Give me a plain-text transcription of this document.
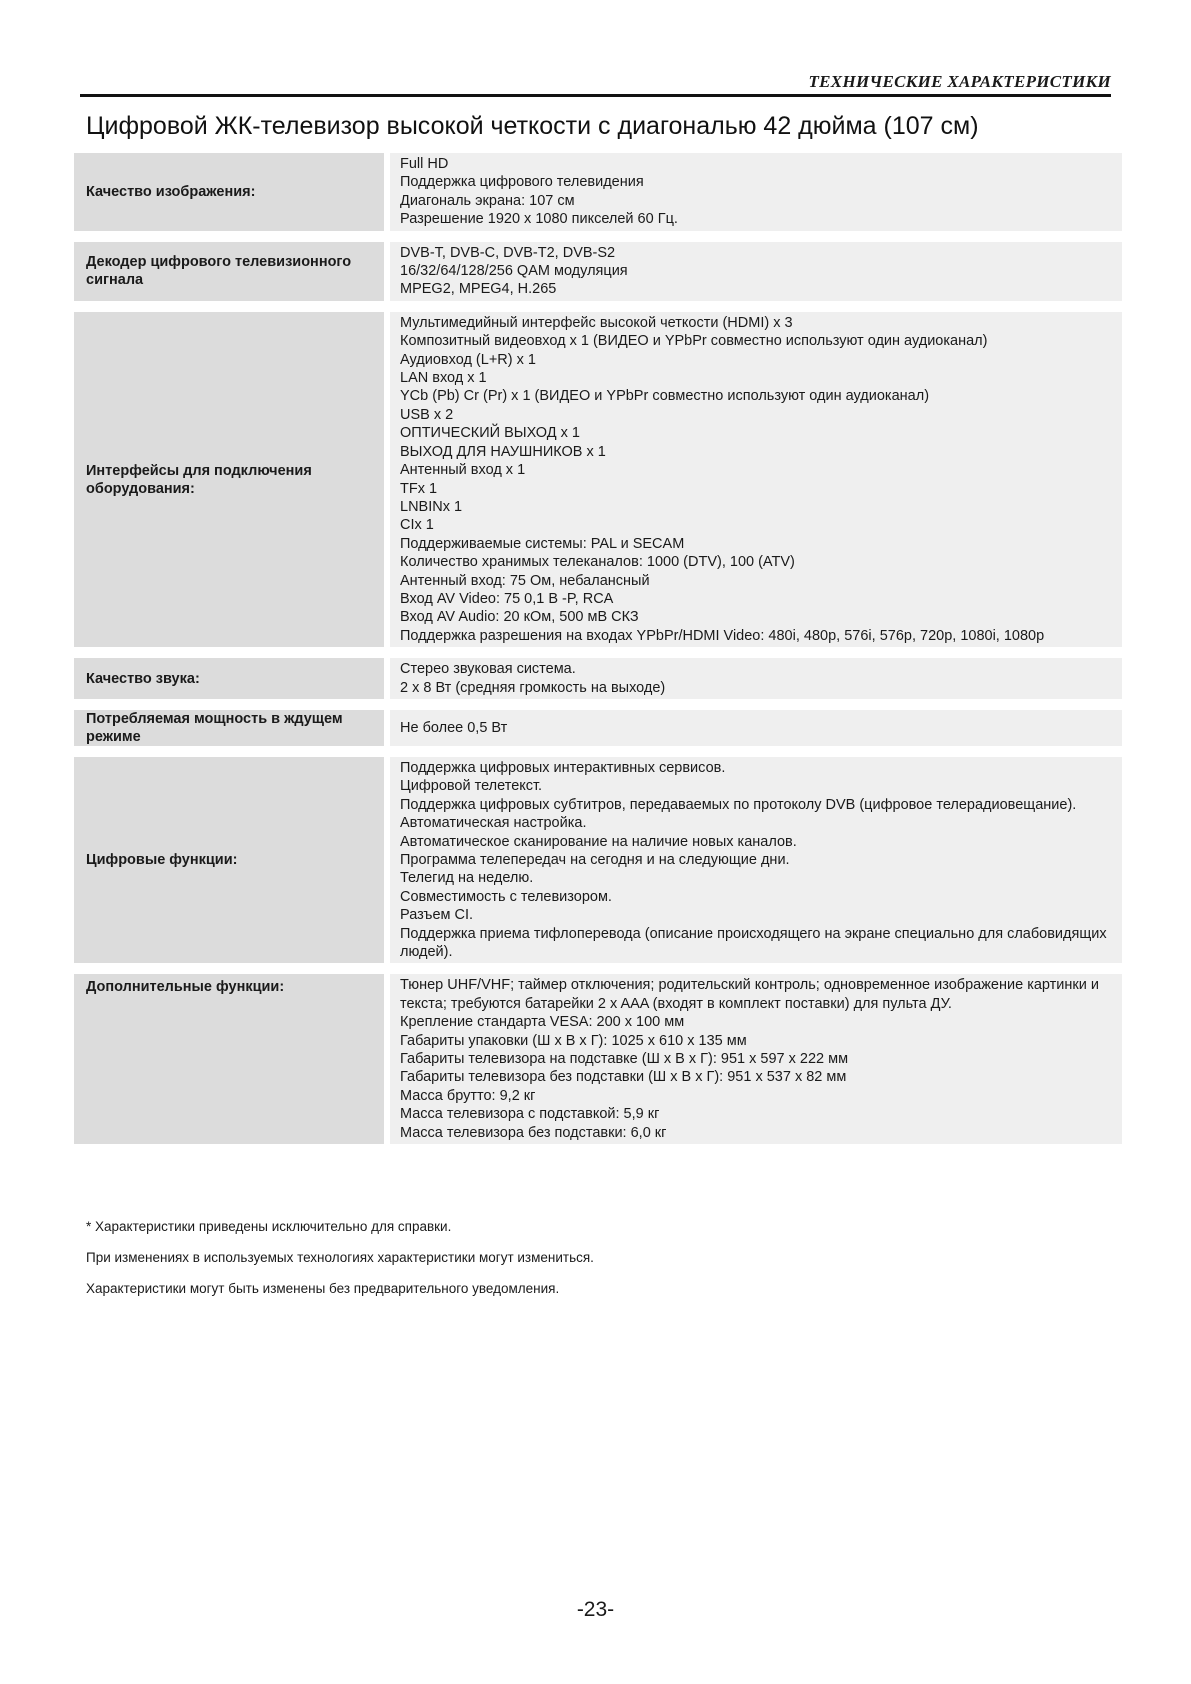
ТЕХНИЧЕСКИЕ ХАРАКТЕРИСТИКИ
Цифровой ЖК-телевизор высокой четкости с диагональю 42 дюйма (107 см)
Качество изображения:
Full HD
Поддержка цифрового телевидения
Диагональ экрана: 107 см
Разрешение 1920 x 1080 пикселей 60 Гц.
Декодер цифрового телевизионного сигнала
DVB-T, DVB-C, DVB-T2, DVB-S2
16/32/64/128/256 QAM модуляция
MPEG2, MPEG4, H.265
Интерфейсы для подключения оборудования:
Мультимедийный интерфейс высокой четкости (HDMI) x 3
Композитный видеовход x 1 (ВИДЕО и YPbPr совместно используют один аудиоканал)
Аудиовход (L+R) x 1
LAN вход x 1
YCb (Pb) Cr (Pr) x 1 (ВИДЕО и YPbPr совместно используют один аудиоканал)
USB x 2
ОПТИЧЕСКИЙ ВЫХОД x 1
ВЫХОД ДЛЯ НАУШНИКОВ x 1
Антенный вход x 1
TFx 1
LNBINx 1
CIx 1
Поддерживаемые системы: PAL и SECAM
Количество хранимых телеканалов: 1000 (DTV), 100 (ATV)
Антенный вход: 75 Ом, небалансный
Вход AV Video: 75 0,1 В -P, RCA
Вход AV Audio: 20 кОм, 500 мВ СКЗ
Поддержка разрешения на входах YPbPr/HDMI Video: 480i, 480p, 576i, 576p, 720p, 1080i, 1080p
Качество звука:
Стерео звуковая система.
2 x 8 Вт (средняя громкость на выходе)
Потребляемая мощность в ждущем режиме
Не более 0,5 Вт
Цифровые функции:
Поддержка цифровых интерактивных сервисов.
Цифровой телетекст.
Поддержка цифровых субтитров, передаваемых по протоколу DVB (цифровое телерадиовещание).
Автоматическая настройка.
Автоматическое сканирование на наличие новых каналов.
Программа телепередач на сегодня и на следующие дни.
Телегид на неделю.
Совместимость с телевизором.
Разъем CI.
Поддержка приема тифлоперевода (описание происходящего на экране специально для слабовидящих людей).
Дополнительные функции:	Тюнер UHF/VHF; таймер отключения; родительский контроль; одновременное изображение картинки и текста; требуются батарейки 2 x AAA (входят в комплект поставки) для пульта ДУ.
Крепление стандарта VESA: 200 x 100 мм
Габариты упаковки (Ш x В x Г): 1025 x 610 x 135 мм
Габариты телевизора на подставке (Ш x В x Г): 951 x 597 x 222 мм
Габариты телевизора без подставки (Ш x В x Г): 951 x 537 x 82 мм
Масса брутто: 9,2 кг
Масса телевизора с подставкой: 5,9 кг
Масса телевизора без подставки: 6,0 кг

* Характеристики приведены исключительно для справки.

При изменениях в используемых технологиях характеристики могут измениться.

Характеристики могут быть изменены без предварительного уведомления.

-23-
